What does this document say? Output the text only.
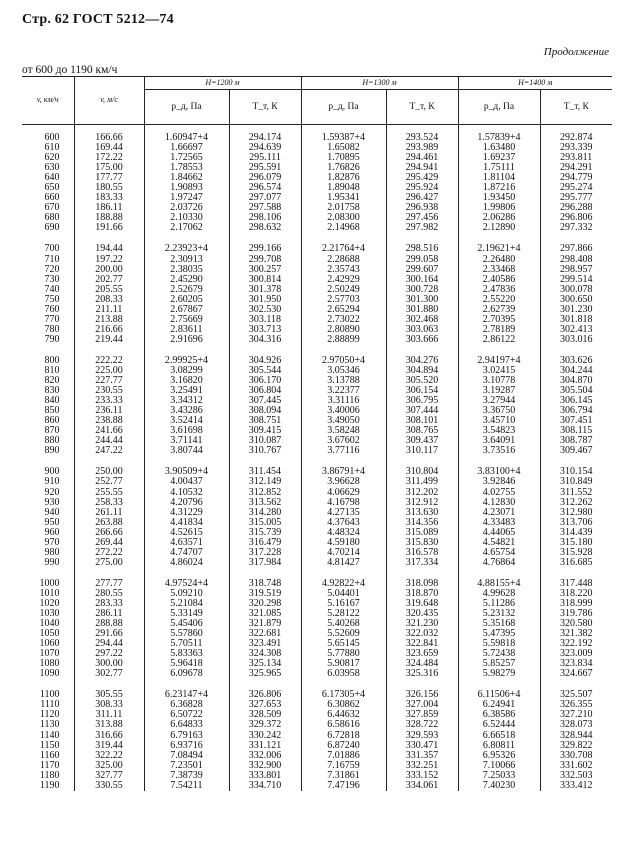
Стр. 62 ГОСТ 5212—74
Продолжение
от 600 до 1190 км/ч
v, км/ч	v, м/с	H=1200 м		H=1300 м		H=1400 м	
		p_д, Па	T_т, К	p_д, Па	T_т, К	p_д, Па	T_т, К
600	166.66	1.60947+4	294.174	1.59387+4	293.524	1.57839+4	292.874
610	169.44	1.66697	294.639	1.65082	293.989	1.63480	293.339
620	172.22	1.72565	295.111	1.70895	294.461	1.69237	293.811
630	175.00	1.78553	295.591	1.76826	294.941	1.75111	294.291
640	177.77	1.84662	296.079	1.82876	295.429	1.81104	294.779
650	180.55	1.90893	296.574	1.89048	295.924	1.87216	295.274
660	183.33	1.97247	297.077	1.95341	296.427	1.93450	295.777
670	186.11	2.03726	297.588	2.01758	296.938	1.99806	296.288
680	188.88	2.10330	298.106	2.08300	297.456	2.06286	296.806
690	191.66	2.17062	298.632	2.14968	297.982	2.12890	297.332

700	194.44	2.23923+4	299.166	2.21764+4	298.516	2.19621+4	297.866
710	197.22	2.30913	299.708	2.28688	299.058	2.26480	298.408
720	200.00	2.38035	300.257	2.35743	299.607	2.33468	298.957
730	202.77	2.45290	300.814	2.42929	300.164	2.40586	299.514
740	205.55	2.52679	301.378	2.50249	300.728	2.47836	300.078
750	208.33	2.60205	301.950	2.57703	301.300	2.55220	300.650
760	211.11	2.67867	302.530	2.65294	301.880	2.62739	301.230
770	213.88	2.75669	303.118	2.73022	302.468	2.70395	301.818
780	216.66	2.83611	303.713	2.80890	303.063	2.78189	302.413
790	219.44	2.91696	304.316	2.88899	303.666	2.86122	303.016

800	222.22	2.99925+4	304.926	2.97050+4	304.276	2.94197+4	303.626
810	225.00	3.08299	305.544	3.05346	304.894	3.02415	304.244
820	227.77	3.16820	306.170	3.13788	305.520	3.10778	304.870
830	230.55	3.25491	306.804	3.22377	306.154	3.19287	305.504
840	233.33	3.34312	307.445	3.31116	306.795	3.27944	306.145
850	236.11	3.43286	308.094	3.40006	307.444	3.36750	306.794
860	238.88	3.52414	308.751	3.49050	308.101	3.45710	307.451
870	241.66	3.61698	309.415	3.58248	308.765	3.54823	308.115
880	244.44	3.71141	310.087	3.67602	309.437	3.64091	308.787
890	247.22	3.80744	310.767	3.77116	310.117	3.73516	309.467

900	250.00	3.90509+4	311.454	3.86791+4	310.804	3.83100+4	310.154
910	252.77	4.00437	312.149	3.96628	311.499	3.92846	310.849
920	255.55	4.10532	312.852	4.06629	312.202	4.02755	311.552
930	258.33	4.20796	313.562	4.16798	312.912	4.12830	312.262
940	261.11	4.31229	314.280	4.27135	313.630	4.23071	312.980
950	263.88	4.41834	315.005	4.37643	314.356	4.33483	313.706
960	266.66	4.52615	315.739	4.48324	315.089	4.44065	314.439
970	269.44	4.63571	316.479	4.59180	315.830	4.54821	315.180
980	272.22	4.74707	317.228	4.70214	316.578	4.65754	315.928
990	275.00	4.86024	317.984	4.81427	317.334	4.76864	316.685

1000	277.77	4.97524+4	318.748	4.92822+4	318.098	4.88155+4	317.448
1010	280.55	5.09210	319.519	5.04401	318.870	4.99628	318.220
1020	283.33	5.21084	320.298	5.16167	319.648	5.11286	318.999
1030	286.11	5.33149	321.085	5.28122	320.435	5.23132	319.786
1040	288.88	5.45406	321.879	5.40268	321.230	5.35168	320.580
1050	291.66	5.57860	322.681	5.52609	322.032	5.47395	321.382
1060	294.44	5.70511	323.491	5.65145	322.841	5.59818	322.192
1070	297.22	5.83363	324.308	5.77880	323.659	5.72438	323.009
1080	300.00	5.96418	325.134	5.90817	324.484	5.85257	323.834
1090	302.77	6.09678	325.965	6.03958	325.316	5.98279	324.667

1100	305.55	6.23147+4	326.806	6.17305+4	326.156	6.11506+4	325.507
1110	308.33	6.36828	327.653	6.30862	327.004	6.24941	326.355
1120	311.11	6.50722	328.509	6.44632	327.859	6.38586	327.210
1130	313.88	6.64833	329.372	6.58616	328.722	6.52444	328.073
1140	316.66	6.79163	330.242	6.72818	329.593	6.66518	328.944
1150	319.44	6.93716	331.121	6.87240	330.471	6.80811	329.822
1160	322.22	7.08494	332.006	7.01886	331.357	6.95326	330.708
1170	325.00	7.23501	332.900	7.16759	332.251	7.10066	331.602
1180	327.77	7.38739	333.801	7.31861	333.152	7.25033	332.503
1190	330.55	7.54211	334.710	7.47196	334.061	7.40230	333.412
